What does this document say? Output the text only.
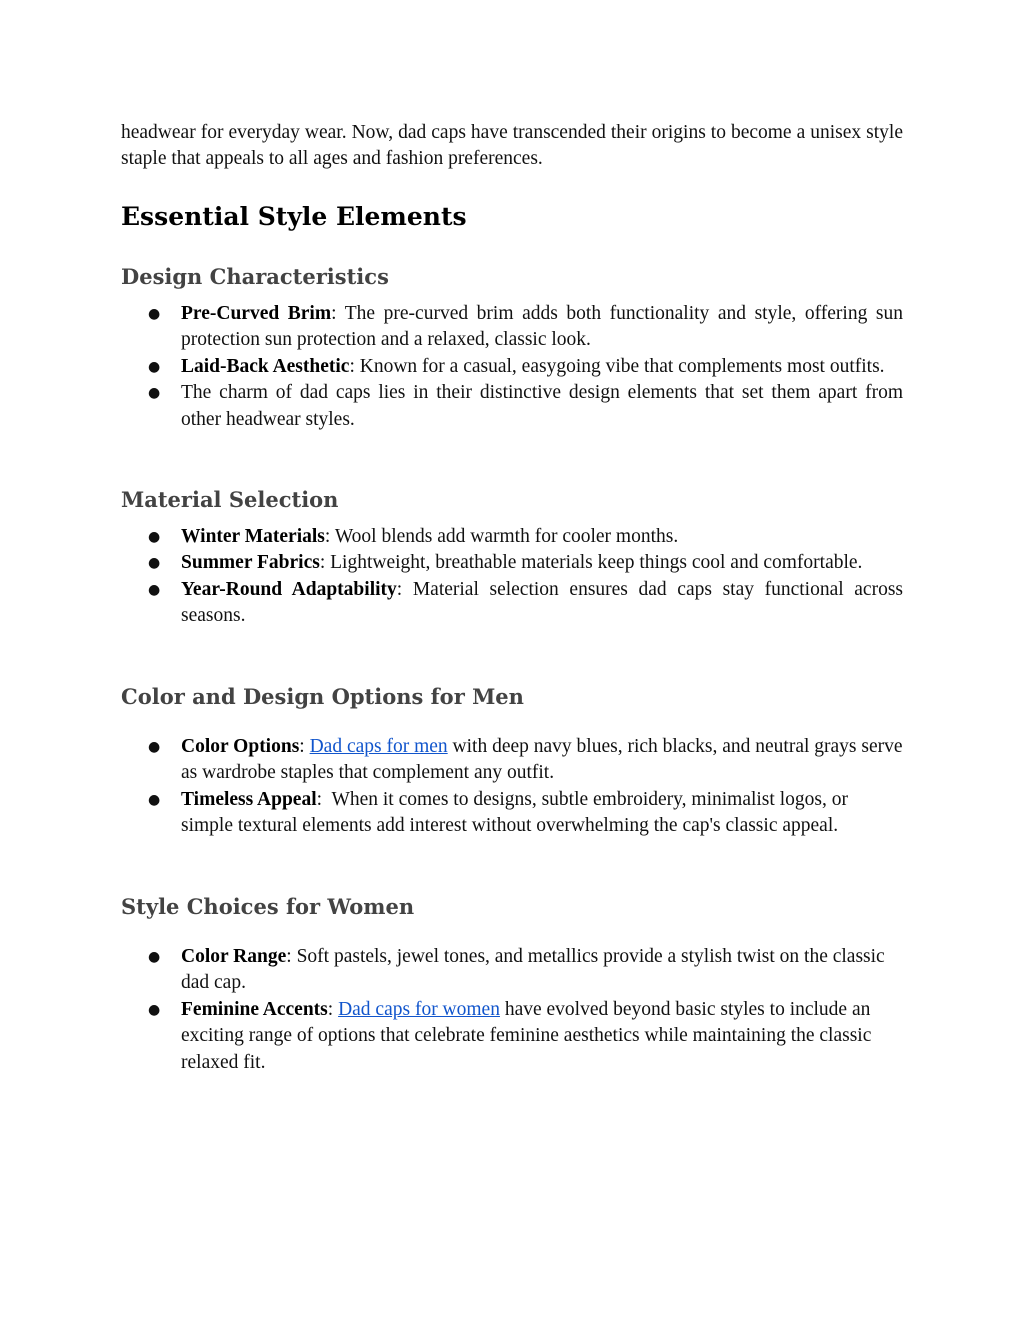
headwear for everyday wear. Now, dad caps have transcended their origins to become a unisex style staple that appeals to all ages and fashion preferences.

Essential Style Elements
Design Characteristics
● Pre-Curved Brim: The pre-curved brim adds both functionality and style, offering sun protection sun protection and a relaxed, classic look.
● Laid-Back Aesthetic: Known for a casual, easygoing vibe that complements most outfits.
● The charm of dad caps lies in their distinctive design elements that set them apart from other headwear styles.
Material Selection
● Winter Materials: Wool blends add warmth for cooler months.
● Summer Fabrics: Lightweight, breathable materials keep things cool and comfortable.
● Year-Round Adaptability: Material selection ensures dad caps stay functional across seasons.
Color and Design Options for Men
● Color Options: Dad caps for men with deep navy blues, rich blacks, and neutral grays serve as wardrobe staples that complement any outfit.
● Timeless Appeal:  When it comes to designs, subtle embroidery, minimalist logos, or simple textural elements add interest without overwhelming the cap's classic appeal.
Style Choices for Women
● Color Range: Soft pastels, jewel tones, and metallics provide a stylish twist on the classic dad cap.
● Feminine Accents: Dad caps for women have evolved beyond basic styles to include an exciting range of options that celebrate feminine aesthetics while maintaining the classic relaxed fit.
